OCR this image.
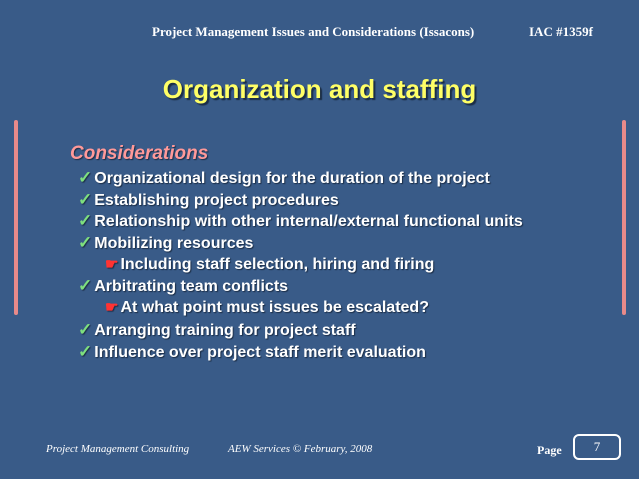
Project Management Issues and Considerations (Issacons)	IAC #1359f
Organization and staffing
Considerations
✓ Organizational design for the duration of the project
✓ Establishing project procedures
✓ Relationship with other internal/external functional units
✓ Mobilizing resources
☛ Including staff selection, hiring and firing
✓ Arbitrating team conflicts
☛ At what point must issues be escalated?
✓ Arranging training for project staff
✓ Influence over project staff merit evaluation
Project Management Consulting	AEW Services © February, 2008	Page	7
